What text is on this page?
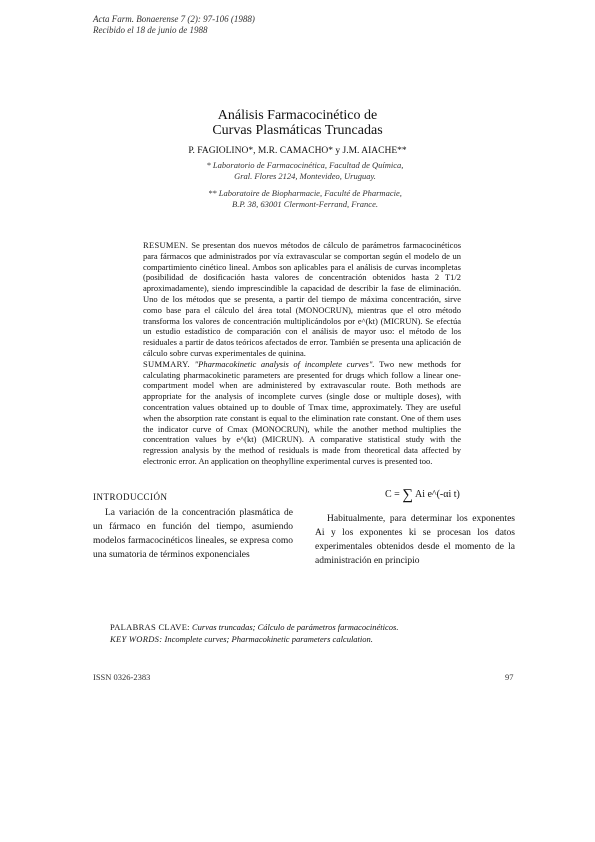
Acta Farm. Bonaerense 7 (2): 97-106 (1988)
Recibido el 18 de junio de 1988
Análisis Farmacocinético de
Curvas Plasmáticas Truncadas
P. FAGIOLINO*, M.R. CAMACHO* y J.M. AIACHE**

* Laboratorio de Farmacocinética, Facultad de Química,

Gral. Flores 2124, Montevideo, Uruguay.

** Laboratoire de Biopharmacie, Faculté de Pharmacie,

B.P. 38, 63001 Clermont-Ferrand, France.

RESUMEN. Se presentan dos nuevos métodos de cálculo de parámetros farmacocinéticos para fármacos que administrados por vía extravascular se comportan según el modelo de un compartimiento cinético lineal. Ambos son aplicables para el análisis de curvas incompletas (posibilidad de dosificación hasta valores de concentración obtenidos hasta 2 T1/2 aproximadamente), siendo imprescindible la capacidad de describir la fase de eliminación. Uno de los métodos que se presenta, a partir del tiempo de máxima concentración, sirve como base para el cálculo del área total (MONOCRUN), mientras que el otro método transforma los valores de concentración multiplicándolos por e^(kt) (MICRUN). Se efectúa un estudio estadístico de comparación con el análisis de mayor uso: el método de los residuales a partir de datos teóricos afectados de error. También se presenta una aplicación de cálculo sobre curvas experimentales de quinina.

SUMMARY. "Pharmacokinetic analysis of incomplete curves". Two new methods for calculating pharmacokinetic parameters are presented for drugs which follow a linear one-compartment model when are administered by extravascular route. Both methods are appropriate for the analysis of incomplete curves (single dose or multiple doses), with concentration values obtained up to double of Tmax time, approximately. They are useful when the absorption rate constant is equal to the elimination rate constant. One of them uses the indicator curve of Cmax (MONOCRUN), while the another method multiplies the concentration values by e^(kt) (MICRUN). A comparative statistical study with the regression analysis by the method of residuals is made from theoretical data affected by electronic error. An application on theophylline experimental curves is presented too.

INTRODUCCIÓN

La variación de la concentración plasmática de un fármaco en función del tiempo, asumiendo modelos farmacocinéticos lineales, se expresa como una sumatoria de términos exponenciales

C = ∑ Ai e^(-αi t)

Habitualmente, para determinar los exponentes Ai y los exponentes ki se procesan los datos experimentales obtenidos desde el momento de la administración en principio

PALABRAS CLAVE: Curvas truncadas; Cálculo de parámetros farmacocinéticos.

KEY WORDS: Incomplete curves; Pharmacokinetic parameters calculation.

ISSN 0326-2383	97
